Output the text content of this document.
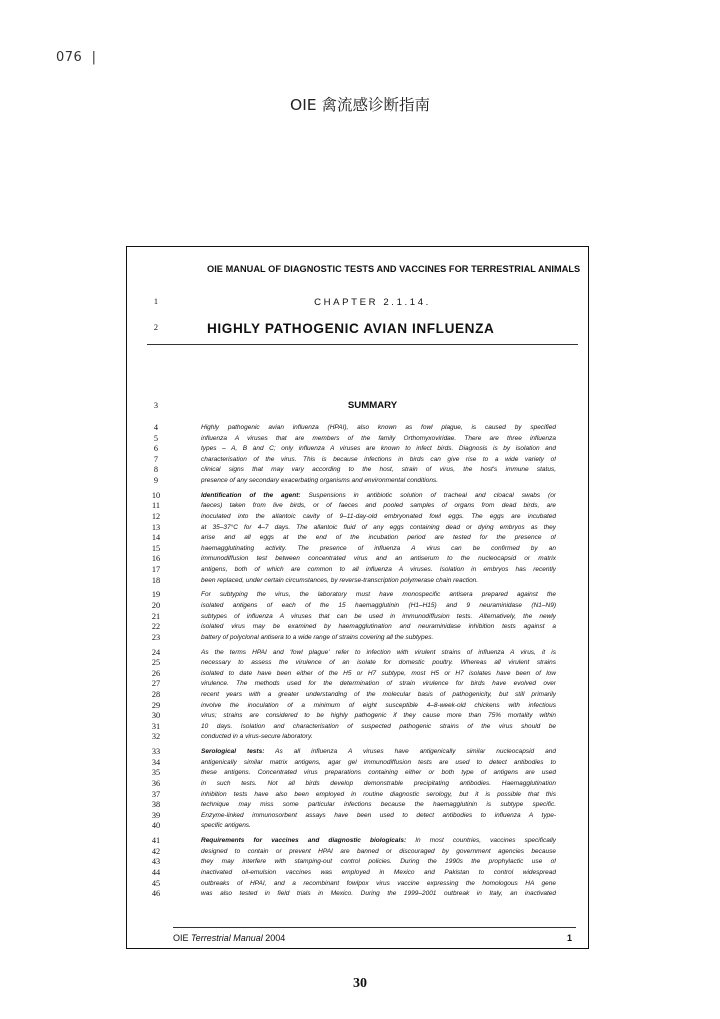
076 |
OIE 禽流感诊断指南
OIE MANUAL OF DIAGNOSTIC TESTS AND VACCINES FOR TERRESTRIAL ANIMALS
1	CHAPTER 2.1.14.
2	HIGHLY PATHOGENIC AVIAN INFLUENZA
3	SUMMARY
4	Highly pathogenic avian influenza (HPAI), also known as fowl plague, is caused by specified
5	influenza A viruses that are members of the family Orthomyxoviridae. There are three influenza
6	types – A, B and C; only influenza A viruses are known to infect birds. Diagnosis is by isolation and
7	characterisation of the virus. This is because infections in birds can give rise to a wide variety of
8	clinical signs that may vary according to the host, strain of virus, the host's immune status,
9	presence of any secondary exacerbating organisms and environmental conditions.
10	Identification of the agent: Suspensions in antibiotic solution of tracheal and cloacal swabs (or
11	faeces) taken from live birds, or of faeces and pooled samples of organs from dead birds, are
12	inoculated into the allantoic cavity of 9–11-day-old embryonated fowl eggs. The eggs are incubated
13	at 35–37°C for 4–7 days. The allantoic fluid of any eggs containing dead or dying embryos as they
14	arise and all eggs at the end of the incubation period are tested for the presence of
15	haemagglutinating activity. The presence of influenza A virus can be confirmed by an
16	immunodiffusion test between concentrated virus and an antiserum to the nucleocapsid or matrix
17	antigens, both of which are common to all influenza A viruses. Isolation in embryos has recently
18	been replaced, under certain circumstances, by reverse-transcription polymerase chain reaction.
19	For subtyping the virus, the laboratory must have monospecific antisera prepared against the
20	isolated antigens of each of the 15 haemagglutinin (H1–H15) and 9 neuraminidase (N1–N9)
21	subtypes of influenza A viruses that can be used in immunodiffusion tests. Alternatively, the newly
22	isolated virus may be examined by haemagglutination and neuraminidase inhibition tests against a
23	battery of polyclonal antisera to a wide range of strains covering all the subtypes.
24	As the terms HPAI and 'fowl plague' refer to infection with virulent strains of influenza A virus, it is
25	necessary to assess the virulence of an isolate for domestic poultry. Whereas all virulent strains
26	isolated to date have been either of the H5 or H7 subtype, most H5 or H7 isolates have been of low
27	virulence. The methods used for the determination of strain virulence for birds have evolved over
28	recent years with a greater understanding of the molecular basis of pathogenicity, but still primarily
29	involve the inoculation of a minimum of eight susceptible 4–8-week-old chickens with infectious
30	virus; strains are considered to be highly pathogenic if they cause more than 75% mortality within
31	10 days. Isolation and characterisation of suspected pathogenic strains of the virus should be
32	conducted in a virus-secure laboratory.
33	Serological tests: As all influenza A viruses have antigenically similar nucleocapsid and
34	antigenically similar matrix antigens, agar gel immunodiffusion tests are used to detect antibodies to
35	these antigens. Concentrated virus preparations containing either or both type of antigens are used
36	in such tests. Not all birds develop demonstrable precipitating antibodies. Haemagglutination
37	inhibition tests have also been employed in routine diagnostic serology, but it is possible that this
38	technique may miss some particular infections because the haemagglutinin is subtype specific.
39	Enzyme-linked immunosorbent assays have been used to detect antibodies to influenza A type-
40	specific antigens.
41	Requirements for vaccines and diagnostic biologicals: In most countries, vaccines specifically
42	designed to contain or prevent HPAI are banned or discouraged by government agencies because
43	they may interfere with stamping-out control policies. During the 1990s the prophylactic use of
44	inactivated oil-emulsion vaccines was employed in Mexico and Pakistan to control widespread
45	outbreaks of HPAI, and a recombinant fowlpox virus vaccine expressing the homologous HA gene
46	was also tested in field trials in Mexico. During the 1999–2001 outbreak in Italy, an inactivated
OIE Terrestrial Manual 2004	1
30
